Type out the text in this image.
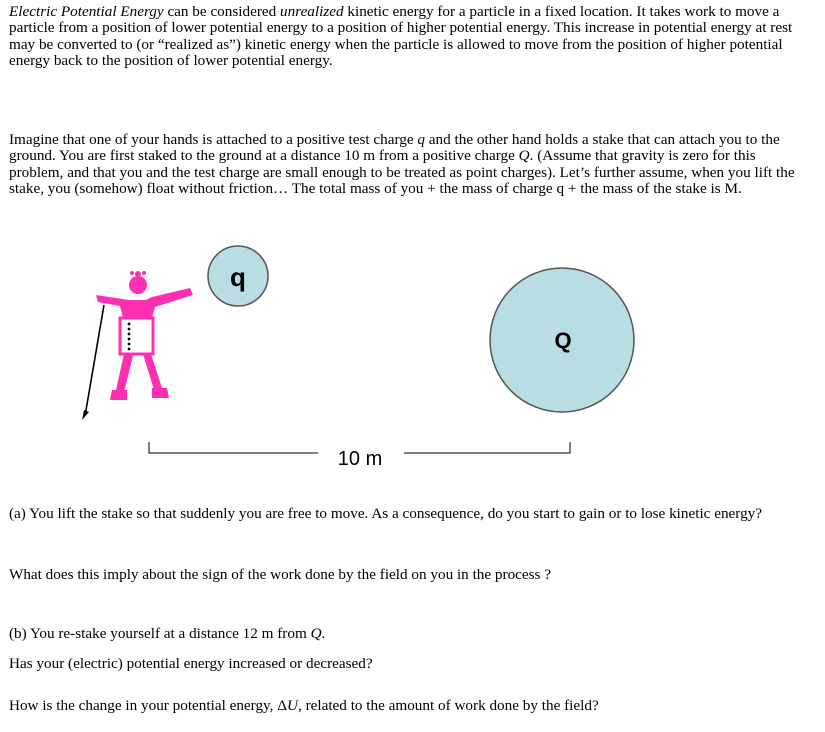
Electric Potential Energy can be considered unrealized kinetic energy for a particle in a fixed location. It takes work to move a particle from a position of lower potential energy to a position of higher potential energy. This increase in potential energy at rest may be converted to (or “realized as”) kinetic energy when the particle is allowed to move from the position of higher potential energy back to the position of lower potential energy.
Imagine that one of your hands is attached to a positive test charge q and the other hand holds a stake that can attach you to the ground. You are first staked to the ground at a distance 10 m from a positive charge Q. (Assume that gravity is zero for this problem, and that you and the test charge are small enough to be treated as point charges). Let’s further assume, when you lift the stake, you (somehow) float without friction… The total mass of you + the mass of charge q + the mass of the stake is M.
q
Q
10 m
(a) You lift the stake so that suddenly you are free to move. As a consequence, do you start to gain or to lose kinetic energy?
What does this imply about the sign of the work done by the field on you in the process ?
(b) You re-stake yourself at a distance 12 m from Q.
Has your (electric) potential energy increased or decreased?
How is the change in your potential energy, ΔU, related to the amount of work done by the field?
